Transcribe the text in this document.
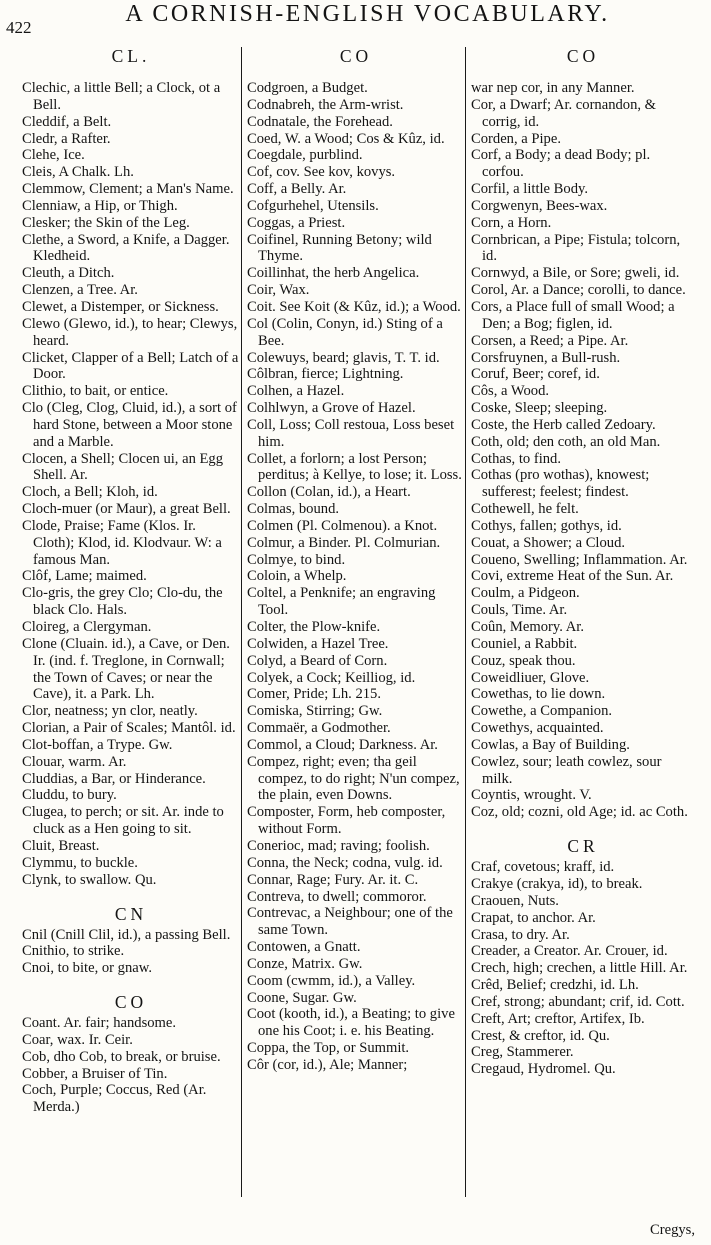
422
A CORNISH-ENGLISH VOCABULARY.
CL.

Clechic, a little Bell; a Clock, ot a Bell.

Cleddif, a Belt.

Cledr, a Rafter.

Clehe, Ice.

Cleis, A Chalk. Lh.

Clemmow, Clement; a Man's Name.

Clenniaw, a Hip, or Thigh.

Clesker; the Skin of the Leg.

Clethe, a Sword, a Knife, a Dagger. Kledheid.

Cleuth, a Ditch.

Clenzen, a Tree. Ar.

Clewet, a Distemper, or Sickness.

Clewo (Glewo, id.), to hear; Clewys, heard.

Clicket, Clapper of a Bell; Latch of a Door.

Clithio, to bait, or entice.

Clo (Cleg, Clog, Cluid, id.), a sort of hard Stone, between a Moor stone and a Marble.

Clocen, a Shell; Clocen ui, an Egg Shell. Ar.

Cloch, a Bell; Kloh, id.

Cloch-muer (or Maur), a great Bell.

Clode, Praise; Fame (Klos. Ir. Cloth); Klod, id. Klodvaur. W: a famous Man.

Clôf, Lame; maimed.

Clo-gris, the grey Clo; Clo-du, the black Clo. Hals.

Cloireg, a Clergyman.

Clone (Cluain. id.), a Cave, or Den. Ir. (ind. f. Treglone, in Cornwall; the Town of Caves; or near the Cave), it. a Park. Lh.

Clor, neatness; yn clor, neatly.

Clorian, a Pair of Scales; Mantôl. id.

Clot-boffan, a Trype. Gw.

Clouar, warm. Ar.

Cluddias, a Bar, or Hinderance.

Cluddu, to bury.

Clugea, to perch; or sit. Ar. inde to cluck as a Hen going to sit.

Cluit, Breast.

Clymmu, to buckle.

Clynk, to swallow. Qu.

CN

Cnil (Cnill Clil, id.), a passing Bell.

Cnithio, to strike.

Cnoi, to bite, or gnaw.

CO

Coant. Ar. fair; handsome.

Coar, wax. Ir. Ceir.

Cob, dho Cob, to break, or bruise.

Cobber, a Bruiser of Tin.

Coch, Purple; Coccus, Red (Ar. Merda.)

CO

Codgroen, a Budget.

Codnabreh, the Arm-wrist.

Codnatale, the Forehead.

Coed, W. a Wood; Cos & Kûz, id.

Coegdale, purblind.

Cof, cov. See kov, kovys.

Coff, a Belly. Ar.

Cofgurhehel, Utensils.

Coggas, a Priest.

Coifinel, Running Betony; wild Thyme.

Coillinhat, the herb Angelica.

Coir, Wax.

Coit. See Koit (& Kûz, id.); a Wood.

Col (Colin, Conyn, id.) Sting of a Bee.

Colewuys, beard; glavis, T. T. id.

Côlbran, fierce; Lightning.

Colhen, a Hazel.

Colhlwyn, a Grove of Hazel.

Coll, Loss; Coll restoua, Loss beset him.

Collet, a forlorn; a lost Person; perditus; à Kellye, to lose; it. Loss.

Collon (Colan, id.), a Heart.

Colmas, bound.

Colmen (Pl. Colmenou). a Knot.

Colmur, a Binder. Pl. Colmurian.

Colmye, to bind.

Coloin, a Whelp.

Coltel, a Penknife; an engraving Tool.

Colter, the Plow-knife.

Colwiden, a Hazel Tree.

Colyd, a Beard of Corn.

Colyek, a Cock; Keilliog, id.

Comer, Pride; Lh. 215.

Comiska, Stirring; Gw.

Commaër, a Godmother.

Commol, a Cloud; Darkness. Ar.

Compez, right; even; tha geil compez, to do right; N'un compez, the plain, even Downs.

Composter, Form, heb composter, without Form.

Conerioc, mad; raving; foolish.

Conna, the Neck; codna, vulg. id.

Connar, Rage; Fury. Ar. it. C.

Contreva, to dwell; commoror.

Contrevac, a Neighbour; one of the same Town.

Contowen, a Gnatt.

Conze, Matrix. Gw.

Coom (cwmm, id.), a Valley.

Coone, Sugar. Gw.

Coot (kooth, id.), a Beating; to give one his Coot; i. e. his Beating.

Coppa, the Top, or Summit.

Côr (cor, id.), Ale; Manner;

CO

war nep cor, in any Manner.

Cor, a Dwarf; Ar. cornandon, & corrig, id.

Corden, a Pipe.

Corf, a Body; a dead Body; pl. corfou.

Corfil, a little Body.

Corgwenyn, Bees-wax.

Corn, a Horn.

Cornbrican, a Pipe; Fistula; tolcorn, id.

Cornwyd, a Bile, or Sore; gweli, id.

Corol, Ar. a Dance; corolli, to dance.

Cors, a Place full of small Wood; a Den; a Bog; figlen, id.

Corsen, a Reed; a Pipe. Ar.

Corsfruynen, a Bull-rush.

Coruf, Beer; coref, id.

Côs, a Wood.

Coske, Sleep; sleeping.

Coste, the Herb called Zedoary.

Coth, old; den coth, an old Man.

Cothas, to find.

Cothas (pro wothas), knowest; sufferest; feelest; findest.

Cothewell, he felt.

Cothys, fallen; gothys, id.

Couat, a Shower; a Cloud.

Coueno, Swelling; Inflammation. Ar.

Covi, extreme Heat of the Sun. Ar.

Coulm, a Pidgeon.

Couls, Time. Ar.

Coûn, Memory. Ar.

Couniel, a Rabbit.

Couz, speak thou.

Coweidliuer, Glove.

Cowethas, to lie down.

Cowethe, a Companion.

Cowethys, acquainted.

Cowlas, a Bay of Building.

Cowlez, sour; leath cowlez, sour milk.

Coyntis, wrought. V.

Coz, old; cozni, old Age; id. ac Coth.

CR

Craf, covetous; kraff, id.

Crakye (crakya, id), to break.

Craouen, Nuts.

Crapat, to anchor. Ar.

Crasa, to dry. Ar.

Creader, a Creator. Ar. Crouer, id.

Crech, high; crechen, a little Hill. Ar.

Crêd, Belief; credzhi, id. Lh.

Cref, strong; abundant; crif, id. Cott.

Creft, Art; creftor, Artifex, Ib.

Crest, & creftor, id. Qu.

Creg, Stammerer.

Cregaud, Hydromel. Qu.

Cregys,
